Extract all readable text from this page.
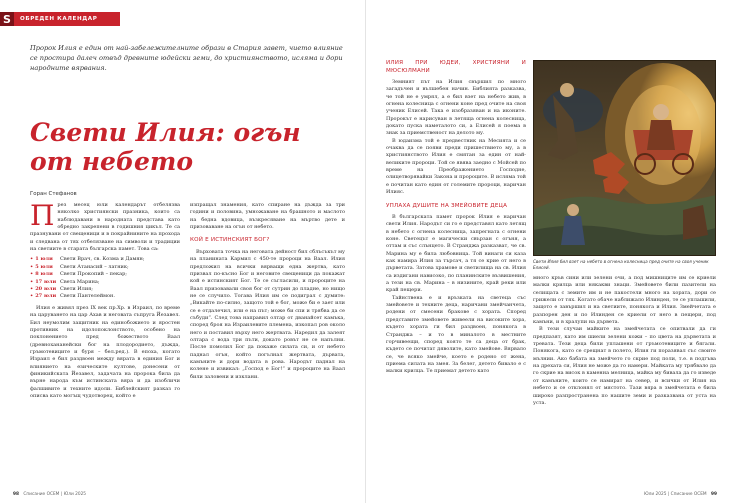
S	ОБРЕДЕН КАЛЕНДАР
Пророк Илия е един от най-забележителните образи в Стария завет, чието влияние се простира далеч отвъд древните юдейски земи, до християнството, исляма и дори народните вярвания.
Свети Илия: огън от небето
Горан Стефанов

През месец юли календарът отбелязва няколко християнски празника, които са наблюдавани в народната представа като обредно закрепени в годишния цикъл. Те са празнувани от свещеници и в покрайнините на прохода и следвана от тях отбелязване на символи и традиции на светиите в старата българска памет. Това са:

• 1 юли	Свети Врач, св. Козма и Дамян;
• 5 юли	Свети Атанасий – латник;
• 8 юли	Свети Прокопий – пекар;
• 17 юли Света Марина;
• 20 юли Свети Илия;
• 27 юли Свети Пантелеймон.

Илия е живял през IX век пр.Хр. в Израил, по време на царуването на цар Ахав и неговата съпруга Йезавел. Бил неумолим защитник на единобожието и яростен противник на идолопоклонството, особено на поклонението пред божеството Ваал (древнохананейски бог на плодородието, дъжда, гръмотевиците и буря – бел.ред.). В епоха, когато Израил е бил раздвоен между вярата в единия Бог и влиянието на езическите култове, донесени от финикийската Йезавел, задачата на пророка била да върне народа към истинската вяра и да изобличи фалшивите и техните идоли. Библейският разказ го описва като могъщ чудотворец, който е

изпращал знамения, като спиране на дъжда за три години и половина, умножаване на брашното и маслото на бедна вдовица, възкресяване на мъртво дете и призоваване на огън от небето.

КОЙ Е ИСТИНСКИЯТ БОГ?

Върховата точка на неговата дейност бил сблъсъкът му на планината Кармил с 450-те пророци на Ваал. Илия предложил на всички вярващи една жертва, като призвал по-късно Бог и неговите свещеници да покажат кой е истинският Бог. Те се съгласили, и пророците на Ваал призовавали своя бог от сутрин до пладне, но нищо не се случило. Тогава Илия им се подиграл с думите: „Викайте по-силно, защото той е бог, може би е зает или се е отдалечил, или е на път; може би спи и трябва да се събуди“. След това направил олтар от дванайсет камъка, според броя на Израилевите племена, изкопал ров около него и поставил върху него жертвата. Наредил да залеят олтара с вода три пъти, докато ровът не се напълни. После помолил Бог да покаже силата си, и от небето паднал огън, който погълнал жертвата, дървата, камъните и дори водата в рова. Народът паднал на колене и извикал: „Господ е Бог!“ и пророците на Ваал били заловени и изклани.

98 Списание ОСЕМ | Юли 2025
ИЛИЯ ПРИ ЮДЕИ, ХРИСТИЯНИ И МЮСЮЛМАНИ

Земният път на Илия свършил по много загадъчен и вълшебен начин. Библията разказва, че той не е умрял, а е бил взет на небето жив, в огнена колесница с огнени коне пред очите на своя ученик Елисей. Така е изобразяван и на иконите. Пророкът е нарисуван в летяща огнена колесница, докато пуска наметалото си, а Елисей я поема в знак за приемственост на делото му.

В юдаизма той е предвестник на Месията и се очаква да се появи преди пришествието му, а в християнството Илия е смятан за един от най-великите пророци. Той се явява заедно с Мойсей по време на Преображението Господне, олицетворявайки Закона и пророците. В исляма той е почитан като един от големите пророци, наричан Илияс.

УПЛАХА ДУШИТЕ НА ЗМЕЙОВИТЕ ДЕЦА

В българската памет пророк Илия е наричан свети Илия. Народът си го е представял като летящ в небето с огнена колесница, запрегната с огнени коне. Светецът е магически свързан с огъня, а оттам и със слънцето. В Странджа разказват, че св. Марина му е била любовница. Той винаги си каза как намира Илия за търсач, а тя се крие от него в дърветата. Затова храмове и светилища на св. Илия са издигани нависоко, по планинските възвишения, а тези на св. Марина – в низините, край реки или край пещери.

Тайнствена е и връзката на светеца със змейовете и техните деца, наричани змейчанчета, родени от смесени бракове с хората. Според представите змейовете живеели на високите хора, където хората ги бил раздвоен, понякога в Странджа – и то в миналото в местните горчивеещи, според която те са деца от брак, където се почитат дяволите, като змейове. Вярвало се, че всяко змейче, което е родено от жена, приема силата на змея. За белег, детето бивало е с малки крилца. Те приемат детето като

Свети Илия бил взет на небето в огнена колесница пред очите на своя ученик Елисей.

много кръв сини или зелени очи, а под мишниците им се криели малки крилца или някакви знаци. Змейовете били пазители на селищата с земите им и не пакостели много на хората, дори се грижели от тях. Когато обаче наближало Илинден, те се уплашили, защото е завършил и на светиите, понякога и Илия. Змейчетата е разпорен ден и по Илинден се криели от него в пещери, под камъни, и в хралупи на дървета.

В тези случаи майките на змейчетата се опитвали да ги предпазят, като им шиели зелени кожи – по цвета на дърветата и тревата. Тези деца били уплашени от гръмотевиците и бягали. Понякога, като се срещнат в полето, Илия ги поразявал със своите мълнии. Ако бабата на змейчето го скрие под поли, т.е. в подгъва на дрехата си, Илия не може да го намери. Майката му трябвало да го скрие на висок в каменна мелница, майка му бивала да го изведе от камъните, които се намират на север, и всички от Илия на небето и се отклонял от мястото. Тази вяра в змейчетата е била широко разпространена по нашите земи и разказвана от уста на уста.

Юли 2025 | Списание ОСЕМ 99
